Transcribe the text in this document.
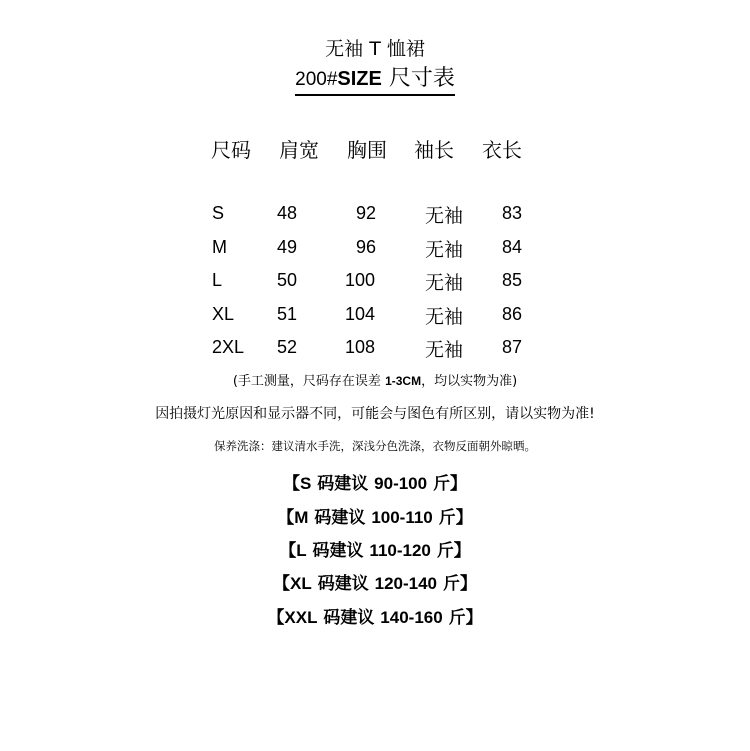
无袖 T 恤裙
200#SIZE 尺寸表
尺码 肩宽 胸围 袖长 衣长
S	48	92	无袖 83
M	49	96	无袖 84
L	50	100	无袖 85
XL 51	104	无袖 86
2XL 52	108	无袖 87
(手工测量，尺码存在误差 1-3CM，均以实物为准)
因拍摄灯光原因和显示器不同，可能会与图色有所区别，请以实物为准!
保养洗涤：建议清水手洗，深浅分色洗涤，衣物反面朝外晾晒。
【S 码建议 90-100 斤】
【M 码建议 100-110 斤】
【L 码建议 110-120 斤】
【XL 码建议 120-140 斤】
【XXL 码建议 140-160 斤】
